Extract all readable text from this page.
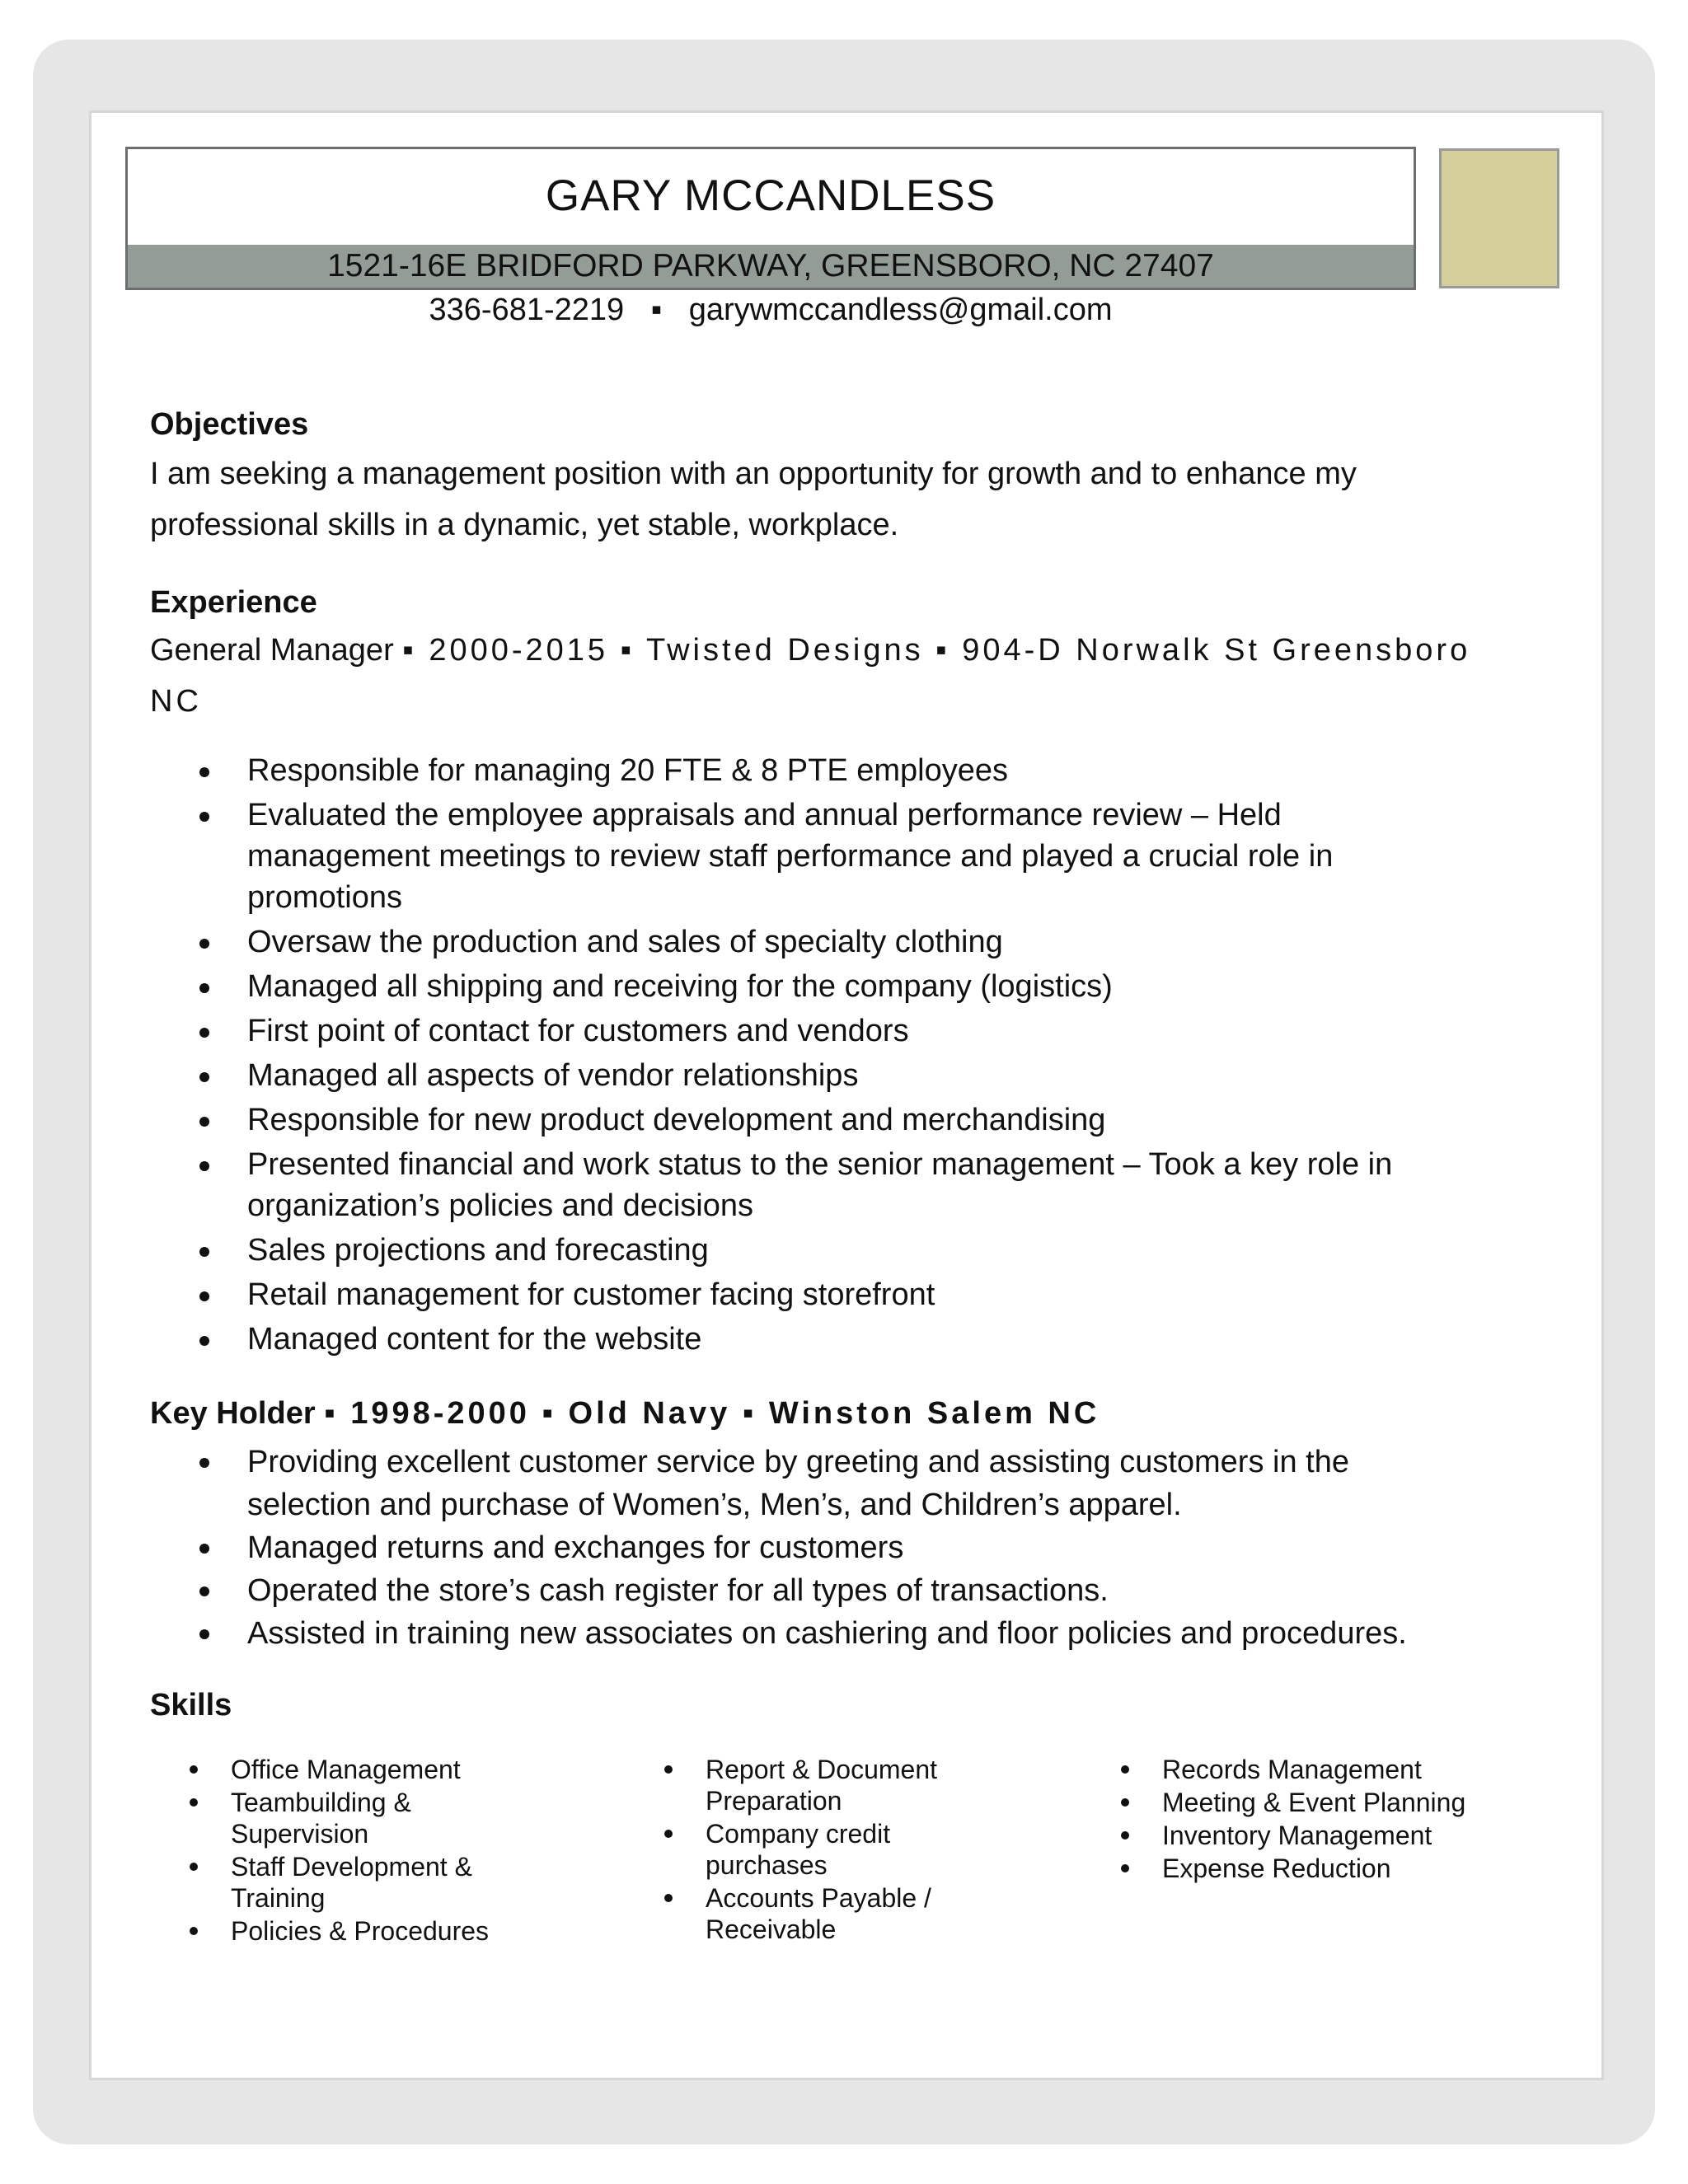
GARY MCCANDLESS
1521-16E BRIDFORD PARKWAY, GREENSBORO, NC 27407
336-681-2219 ▪ garywmccandless@gmail.com
Objectives
I am seeking a management position with an opportunity for growth and to enhance my
professional skills in a dynamic, yet stable, workplace.
Experience
General Manager ▪ 2000-2015 ▪ Twisted Designs ▪ 904-D Norwalk St Greensboro
NC
Responsible for managing 20 FTE & 8 PTE employees
Evaluated the employee appraisals and annual performance review – Held
management meetings to review staff performance and played a crucial role in
promotions
Oversaw the production and sales of specialty clothing
Managed all shipping and receiving for the company (logistics)
First point of contact for customers and vendors
Managed all aspects of vendor relationships
Responsible for new product development and merchandising
Presented financial and work status to the senior management – Took a key role in
organization’s policies and decisions
Sales projections and forecasting
Retail management for customer facing storefront
Managed content for the website
Key Holder ▪ 1998-2000 ▪ Old Navy ▪ Winston Salem NC
Providing excellent customer service by greeting and assisting customers in the
selection and purchase of Women’s, Men’s, and Children’s apparel.
Managed returns and exchanges for customers
Operated the store’s cash register for all types of transactions.
Assisted in training new associates on cashiering and floor policies and procedures.
Skills
Office Management
Teambuilding &
Supervision
Staff Development &
Training
Policies & Procedures
Report & Document
Preparation
Company credit
purchases
Accounts Payable /
Receivable
Records Management
Meeting & Event Planning
Inventory Management
Expense Reduction
